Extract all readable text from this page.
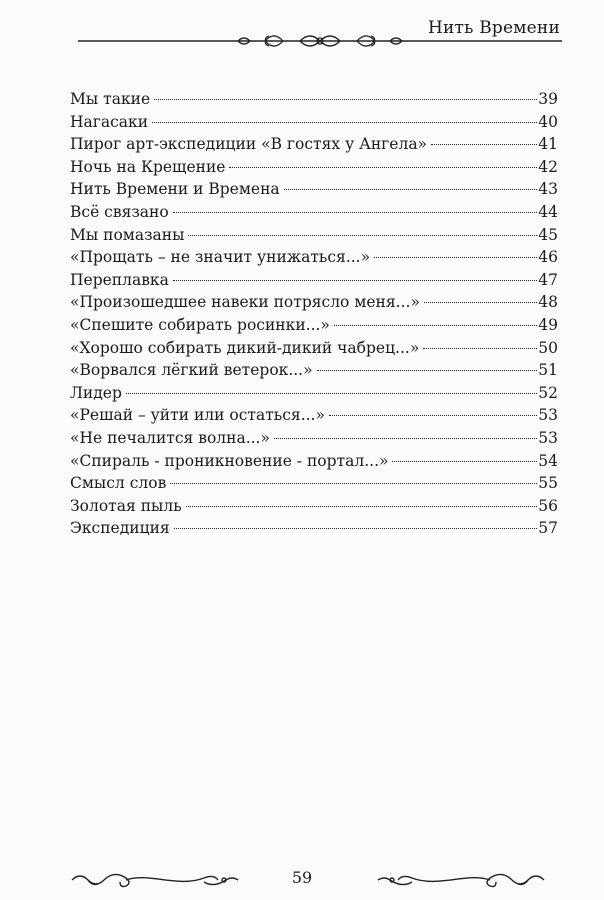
Нить Времени
Мы такие	39
Нагасаки	40
Пирог арт-экспедиции «В гостях у Ангела»	41
Ночь на Крещение	42
Нить Времени и Времена	43
Всё связано	44
Мы помазаны	45
«Прощать – не значит унижаться...»	46
Переплавка	47
«Произошедшее навеки потрясло меня...»	48
«Спешите собирать росинки...»	49
«Хорошо собирать дикий-дикий чабрец...»	50
«Ворвался лёгкий ветерок...»	51
Лидер	52
«Решай – уйти или остаться...»	53
«Не печалится волна...»	53
«Спираль - проникновение - портал...»	54
Смысл слов	55
Золотая пыль	56
Экспедиция	57
59
